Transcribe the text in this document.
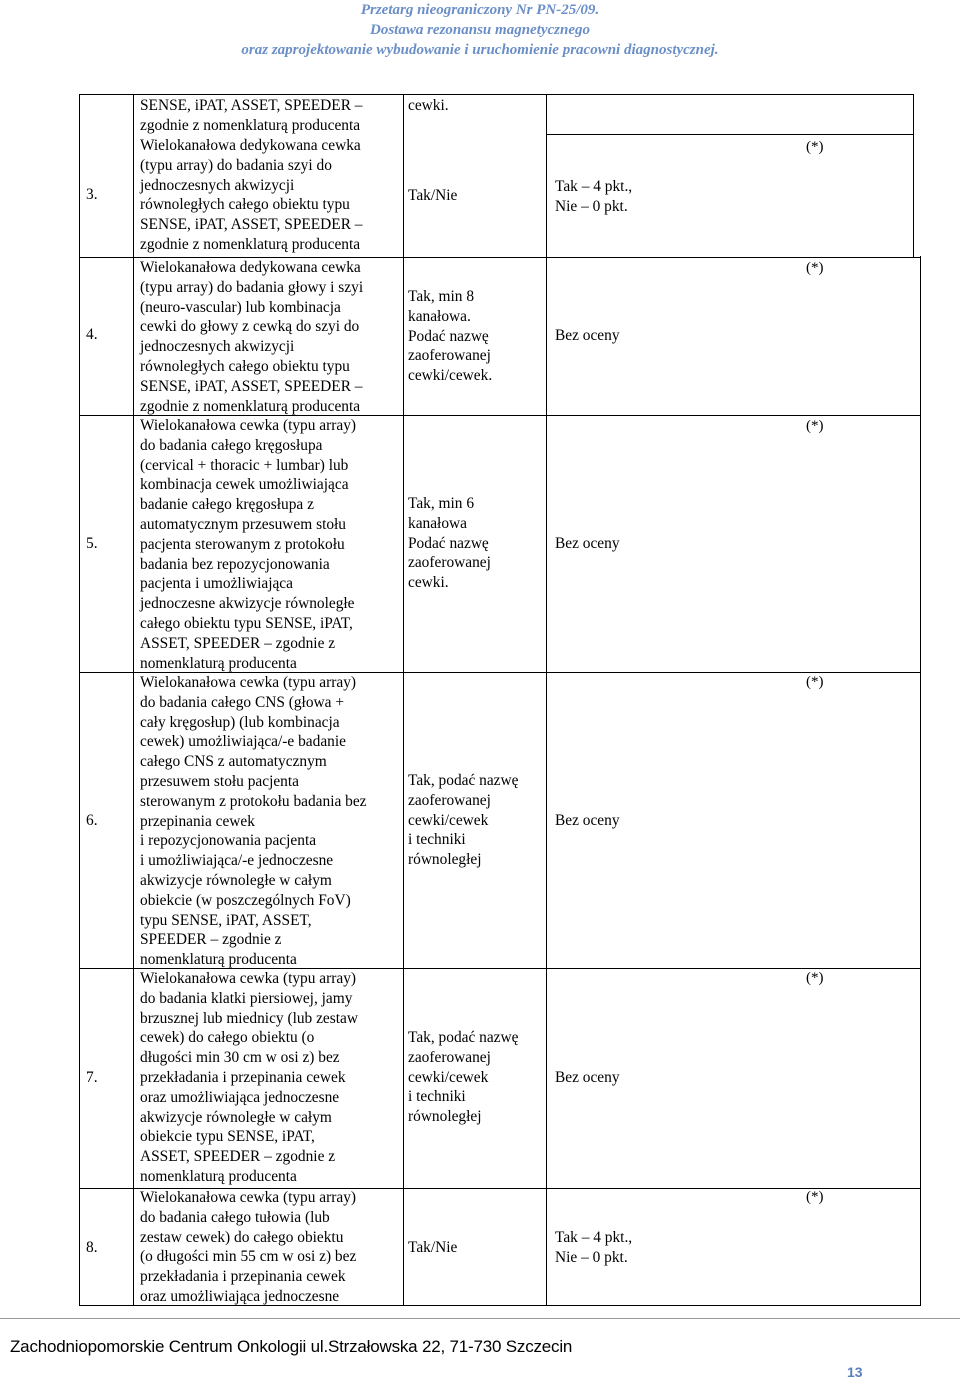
Przetarg nieograniczony Nr PN-25/09.
Dostawa rezonansu magnetycznego
oraz zaprojektowanie wybudowanie i uruchomienie pracowni diagnostycznej.
SENSE, iPAT, ASSET, SPEEDER –
zgodnie z nomenklaturą producenta
3.
Wielokanałowa dedykowana cewka
(typu array) do badania szyi do
jednoczesnych akwizycji
równoległych całego obiektu typu
SENSE, iPAT, ASSET, SPEEDER –
zgodnie z nomenklaturą producenta
cewki.
Tak/Nie
Tak – 4 pkt.,
Nie – 0 pkt.
(*)
4.
Wielokanałowa dedykowana cewka
(typu array) do badania głowy i szyi
(neuro-vascular) lub kombinacja
cewki do głowy z cewką do szyi do
jednoczesnych akwizycji
równoległych całego obiektu typu
SENSE, iPAT, ASSET, SPEEDER –
zgodnie z nomenklaturą producenta
Tak, min 8
kanałowa.
Podać nazwę
zaoferowanej
cewki/cewek.
Bez oceny
(*)
5.
Wielokanałowa cewka (typu array)
do badania całego kręgosłupa
(cervical + thoracic + lumbar) lub
kombinacja cewek umożliwiająca
badanie całego kręgosłupa z
automatycznym przesuwem stołu
pacjenta sterowanym z protokołu
badania bez repozycjonowania
pacjenta i umożliwiająca
jednoczesne akwizycje równoległe
całego obiektu typu SENSE, iPAT,
ASSET, SPEEDER – zgodnie z
nomenklaturą producenta
Tak, min 6
kanałowa
Podać nazwę
zaoferowanej
cewki.
Bez oceny
(*)
6.
Wielokanałowa cewka (typu array)
do badania całego CNS (głowa +
cały kręgosłup) (lub kombinacja
cewek) umożliwiająca/-e badanie
całego CNS z automatycznym
przesuwem stołu pacjenta
sterowanym z protokołu badania bez
przepinania cewek
i repozycjonowania pacjenta
i umożliwiająca/-e jednoczesne
akwizycje równoległe w całym
obiekcie (w poszczególnych FoV)
typu SENSE, iPAT, ASSET,
SPEEDER – zgodnie z
nomenklaturą producenta
Tak, podać nazwę
zaoferowanej
cewki/cewek
i techniki
równoległej
Bez oceny
(*)
7.
Wielokanałowa cewka (typu array)
do badania klatki piersiowej, jamy
brzusznej lub miednicy (lub zestaw
cewek) do całego obiektu (o
długości min 30 cm w osi z) bez
przekładania i przepinania cewek
oraz umożliwiająca jednoczesne
akwizycje równoległe w całym
obiekcie typu SENSE, iPAT,
ASSET, SPEEDER – zgodnie z
nomenklaturą producenta
Tak, podać nazwę
zaoferowanej
cewki/cewek
i techniki
równoległej
Bez oceny
(*)
8.
Wielokanałowa cewka (typu array)
do badania całego tułowia (lub
zestaw cewek) do całego obiektu
(o długości min 55 cm w osi z) bez
przekładania i przepinania cewek
oraz umożliwiająca jednoczesne
Tak/Nie
Tak – 4 pkt.,
Nie – 0 pkt.
(*)
Zachodniopomorskie Centrum Onkologii ul.Strzałowska 22, 71-730 Szczecin
13
